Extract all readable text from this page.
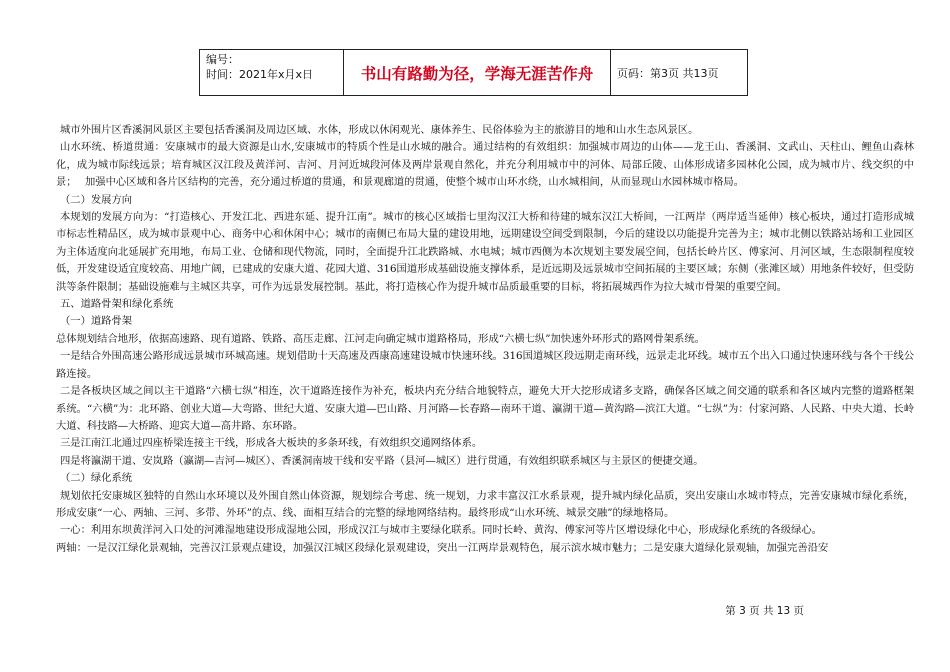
编号：
时间：2021年x月x日	书山有路勤为径，学海无涯苦作舟	页码：第3页 共13页

城市外围片区香溪洞风景区主要包括香溪洞及周边区域、水体，形成以休闲观光、康体养生、民俗体验为主的旅游目的地和山水生态风景区。

山水环统、桥道贯通：安康城市的最大资源是山水,安康城市的特质个性是山水城的融合。通过结构的有效组织：加强城市周边的山体——龙王山、香溪洞、文武山、天柱山、鲤鱼山森林化，成为城市际线远景；培育城区汉江段及黄洋河、吉河、月河近城段河体及两岸景观自然化，并充分利用城市中的河体、局部丘陵、山体形成诸多园林化公园，成为城市片、线交织的中景；　 加强中心区域和各片区结构的完善，充分通过桥道的贯通，和景观廊道的贯通，使整个城市山环水绕，山水城相间，从而显现山水园林城市格局。

（二）发展方向

本规划的发展方向为：“打造核心、开发江北、西进东延、提升江南”。城市的核心区域指七里沟汉江大桥和待建的城东汉江大桥间，一江两岸（两岸适当延伸）核心板块，通过打造形成城市标志性精品区，成为城市景观中心、商务中心和休闲中心；城市的南侧已布局大量的建设用地，远期建设空间受到限制，今后的建设以功能提升完善为主；城市北侧以铁路站场和工业园区为主体适度向北延展扩充用地，布局工业、仓储和现代物流，同时，全面提升江北跌路城、水电城；城市西侧为本次规划主要发展空间，包括长岭片区、傅家河、月河区域，生态限制程度较低，开发建设适宜度较高、用地广阔，已建成的安康大道、花园大道、316国道形成基础设施支撑体系，是近远期及远景城市空间拓展的主要区域；东侧（张滩区域）用地条件较好，但受防洪等条件限制；基础设施难与主城区共享，可作为远景发展控制。基此，将打造核心作为提升城市品质最重要的目标，将拓展城西作为拉大城市骨架的重要空间。

五、道路骨架和绿化系统

（一）道路骨架

总体规划结合地形，依据高速路、现有道路、铁路、高压走廊、江河走向确定城市道路格局，形成“六横七纵”加快速外环形式的路网骨架系统。

一是结合外围高速公路形成远景城市环城高速。规划借助十天高速及西康高速建设城市快速环线。316国道城区段远期走南环线，远景走北环线。城市五个出入口通过快速环线与各个干线公路连接。

二是各板块区域之间以主干道路“六横七纵”相连，次干道路连接作为补充，板块内充分结合地貌特点，避免大开大挖形成诸多支路，确保各区域之间交通的联系和各区域内完整的道路框架系统。“六横”为：北环路、创业大道—大弯路、世纪大道、安康大道—巴山路、月河路—长春路—南环干道、瀛湖干道—黄沟路—滨江大道。“七纵”为：付家河路、人民路、中央大道、长岭大道、科技路—大桥路、迎宾大道—高井路、东环路。

三是江南江北通过四座桥梁连接主干线，形成各大板块的多条环线，有效组织交通网络体系。

四是将瀛湖干道、安岚路（瀛湖—吉河—城区）、香溪洞南坡干线和安平路（县河—城区）进行贯通，有效组织联系城区与主景区的便捷交通。

（二）绿化系统

规划依托安康城区独特的自然山水环境以及外围自然山体资源，规划综合考虑、统一规划，力求丰富汉江水系景观，提升城内绿化品质，突出安康山水城市特点，完善安康城市绿化系统，形成安康“一心、两轴、三河、多带、外环”的点、线、面相互结合的完整的绿地网络结构。最终形成“山水环统、城景交融”的绿地格局。

一心：利用东坝黄洋河入口处的河滩湿地建设形成湿地公园，形成汉江与城市主要绿化联系。同时长岭、黄沟、傅家河等片区增设绿化中心，形成绿化系统的各级绿心。

两轴：一是汉江绿化景观轴，完善汉江景观点建设，加强汉江城区段绿化景观建设，突出一江两岸景观特色，展示滨水城市魅力；二是安康大道绿化景观轴，加强完善沿安

第 3 页 共 13 页
